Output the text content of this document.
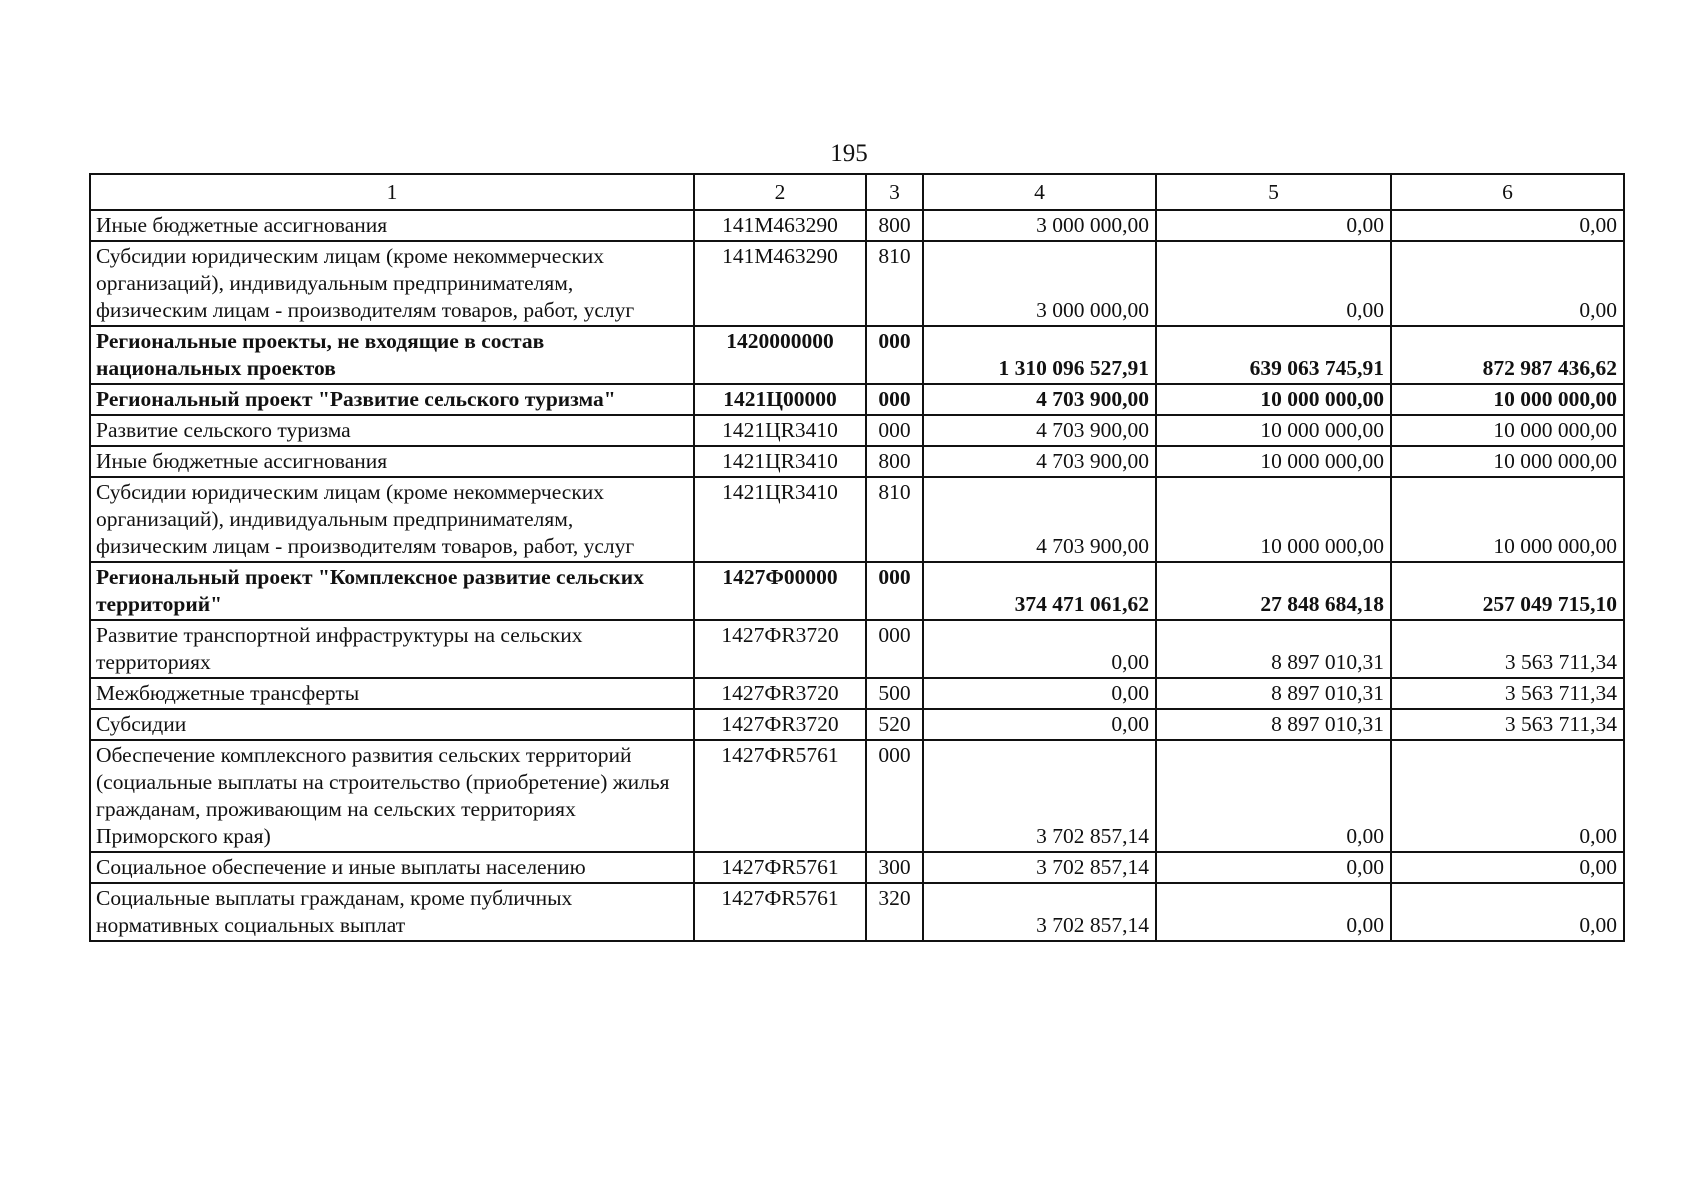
195
1	2	3	4	5	6
Иные бюджетные ассигнования	141M463290	800	3 000 000,00	0,00	0,00
Субсидии юридическим лицам (кроме некоммерческих организаций), индивидуальным предпринимателям, физическим лицам - производителям товаров, работ, услуг	141M463290	810	3 000 000,00	0,00	0,00
Региональные проекты, не входящие в состав национальных проектов	1420000000	000	1 310 096 527,91	639 063 745,91	872 987 436,62
Региональный проект "Развитие сельского туризма"	1421Ц00000	000	4 703 900,00	10 000 000,00	10 000 000,00
Развитие сельского туризма	1421ЦR3410	000	4 703 900,00	10 000 000,00	10 000 000,00
Иные бюджетные ассигнования	1421ЦR3410	800	4 703 900,00	10 000 000,00	10 000 000,00
Субсидии юридическим лицам (кроме некоммерческих организаций), индивидуальным предпринимателям, физическим лицам - производителям товаров, работ, услуг	1421ЦR3410	810	4 703 900,00	10 000 000,00	10 000 000,00
Региональный проект "Комплексное развитие сельских территорий"	1427Ф00000	000	374 471 061,62	27 848 684,18	257 049 715,10
Развитие транспортной инфраструктуры на сельских территориях	1427ФR3720	000	0,00	8 897 010,31	3 563 711,34
Межбюджетные трансферты	1427ФR3720	500	0,00	8 897 010,31	3 563 711,34
Субсидии	1427ФR3720	520	0,00	8 897 010,31	3 563 711,34
Обеспечение комплексного развития сельских территорий (социальные выплаты на строительство (приобретение) жилья гражданам, проживающим на сельских территориях Приморского края)	1427ФR5761	000	3 702 857,14	0,00	0,00
Социальное обеспечение и иные выплаты населению	1427ФR5761	300	3 702 857,14	0,00	0,00
Социальные выплаты гражданам, кроме публичных нормативных социальных выплат	1427ФR5761	320	3 702 857,14	0,00	0,00
